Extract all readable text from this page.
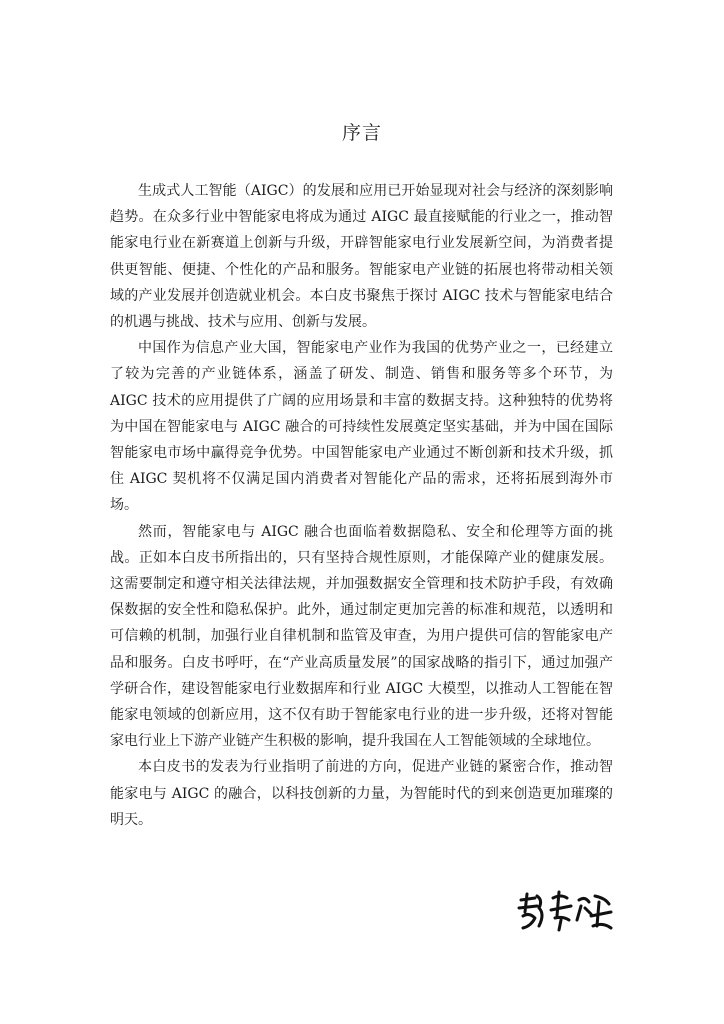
序言

生成式人工智能（AIGC）的发展和应用已开始显现对社会与经济的深刻影响趋势。在众多行业中智能家电将成为通过 AIGC 最直接赋能的行业之一，推动智能家电行业在新赛道上创新与升级，开辟智能家电行业发展新空间，为消费者提供更智能、便捷、个性化的产品和服务。智能家电产业链的拓展也将带动相关领域的产业发展并创造就业机会。本白皮书聚焦于探讨 AIGC 技术与智能家电结合的机遇与挑战、技术与应用、创新与发展。

中国作为信息产业大国，智能家电产业作为我国的优势产业之一，已经建立了较为完善的产业链体系，涵盖了研发、制造、销售和服务等多个环节，为 AIGC 技术的应用提供了广阔的应用场景和丰富的数据支持。这种独特的优势将为中国在智能家电与 AIGC 融合的可持续性发展奠定坚实基础，并为中国在国际智能家电市场中赢得竞争优势。中国智能家电产业通过不断创新和技术升级，抓住 AIGC 契机将不仅满足国内消费者对智能化产品的需求，还将拓展到海外市场。

然而，智能家电与 AIGC 融合也面临着数据隐私、安全和伦理等方面的挑战。正如本白皮书所指出的，只有坚持合规性原则，才能保障产业的健康发展。这需要制定和遵守相关法律法规，并加强数据安全管理和技术防护手段，有效确保数据的安全性和隐私保护。此外，通过制定更加完善的标准和规范，以透明和可信赖的机制，加强行业自律机制和监管及审查，为用户提供可信的智能家电产品和服务。白皮书呼吁，在“产业高质量发展”的国家战略的指引下，通过加强产学研合作，建设智能家电行业数据库和行业 AIGC 大模型，以推动人工智能在智能家电领域的创新应用，这不仅有助于智能家电行业的进一步升级，还将对智能家电行业上下游产业链产生积极的影响，提升我国在人工智能领域的全球地位。

本白皮书的发表为行业指明了前进的方向，促进产业链的紧密合作，推动智能家电与 AIGC 的融合，以科技创新的力量，为智能时代的到来创造更加璀璨的明天。
